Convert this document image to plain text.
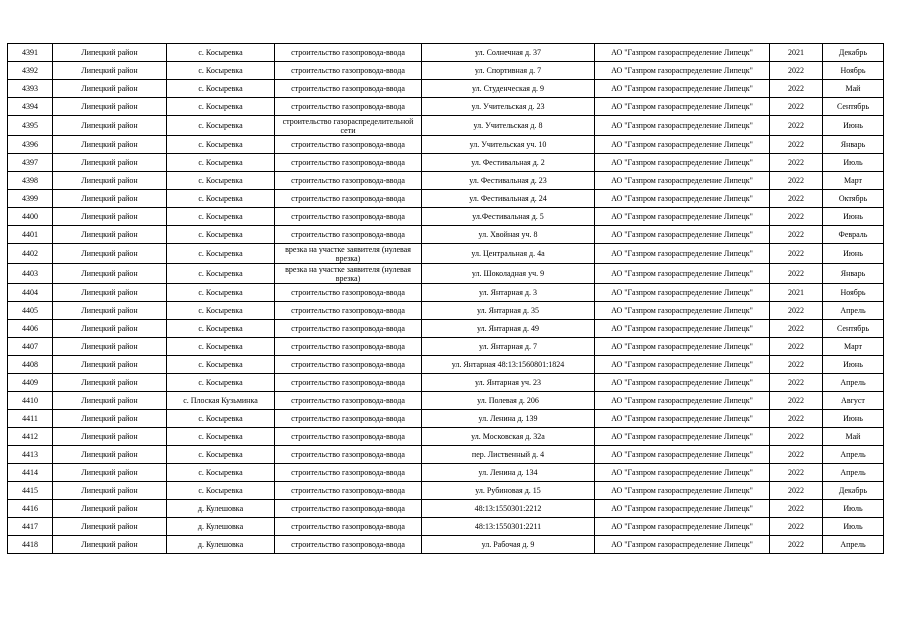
4391	Липецкий район	с. Косыревка	строительство газопровода-ввода	ул. Солнечная д. 37	АО "Газпром газораспределение Липецк"	2021	Декабрь
4392	Липецкий район	с. Косыревка	строительство газопровода-ввода	ул. Спортивная д. 7	АО "Газпром газораспределение Липецк"	2022	Ноябрь
4393	Липецкий район	с. Косыревка	строительство газопровода-ввода	ул. Студенческая д. 9	АО "Газпром газораспределение Липецк"	2022	Май
4394	Липецкий район	с. Косыревка	строительство газопровода-ввода	ул. Учительская д. 23	АО "Газпром газораспределение Липецк"	2022	Сентябрь
4395	Липецкий район	с. Косыревка	строительство газораспределительной сети	ул. Учительская д. 8	АО "Газпром газораспределение Липецк"	2022	Июнь
4396	Липецкий район	с. Косыревка	строительство газопровода-ввода	ул. Учительская уч. 10	АО "Газпром газораспределение Липецк"	2022	Январь
4397	Липецкий район	с. Косыревка	строительство газопровода-ввода	ул. Фестивальная д. 2	АО "Газпром газораспределение Липецк"	2022	Июль
4398	Липецкий район	с. Косыревка	строительство газопровода-ввода	ул. Фестивальная д. 23	АО "Газпром газораспределение Липецк"	2022	Март
4399	Липецкий район	с. Косыревка	строительство газопровода-ввода	ул. Фестивальная д. 24	АО "Газпром газораспределение Липецк"	2022	Октябрь
4400	Липецкий район	с. Косыревка	строительство газопровода-ввода	ул.Фестивальная д. 5	АО "Газпром газораспределение Липецк"	2022	Июнь
4401	Липецкий район	с. Косыревка	строительство газопровода-ввода	ул. Хвойная уч. 8	АО "Газпром газораспределение Липецк"	2022	Февраль
4402	Липецкий район	с. Косыревка	врезка на участке заявителя (нулевая врезка)	ул. Центральная д. 4а	АО "Газпром газораспределение Липецк"	2022	Июнь
4403	Липецкий район	с. Косыревка	врезка на участке заявителя (нулевая врезка)	ул. Шоколадная уч. 9	АО "Газпром газораспределение Липецк"	2022	Январь
4404	Липецкий район	с. Косыревка	строительство газопровода-ввода	ул. Янтарная д. 3	АО "Газпром газораспределение Липецк"	2021	Ноябрь
4405	Липецкий район	с. Косыревка	строительство газопровода-ввода	ул. Янтарная д. 35	АО "Газпром газораспределение Липецк"	2022	Апрель
4406	Липецкий район	с. Косыревка	строительство газопровода-ввода	ул. Янтарная д. 49	АО "Газпром газораспределение Липецк"	2022	Сентябрь
4407	Липецкий район	с. Косыревка	строительство газопровода-ввода	ул. Янтарная д. 7	АО "Газпром газораспределение Липецк"	2022	Март
4408	Липецкий район	с. Косыревка	строительство газопровода-ввода	ул. Янтарная 48:13:1560801:1824	АО "Газпром газораспределение Липецк"	2022	Июнь
4409	Липецкий район	с. Косыревка	строительство газопровода-ввода	ул. Янтарная уч. 23	АО "Газпром газораспределение Липецк"	2022	Апрель
4410	Липецкий район	с. Плоская Кузьминка	строительство газопровода-ввода	ул. Полевая д. 206	АО "Газпром газораспределение Липецк"	2022	Август
4411	Липецкий район	с. Косыревка	строительство газопровода-ввода	ул. Ленина д. 139	АО "Газпром газораспределение Липецк"	2022	Июнь
4412	Липецкий район	с. Косыревка	строительство газопровода-ввода	ул. Московская д. 32а	АО "Газпром газораспределение Липецк"	2022	Май
4413	Липецкий район	с. Косыревка	строительство газопровода-ввода	пер. Лиственный д. 4	АО "Газпром газораспределение Липецк"	2022	Апрель
4414	Липецкий район	с. Косыревка	строительство газопровода-ввода	ул. Ленина д. 134	АО "Газпром газораспределение Липецк"	2022	Апрель
4415	Липецкий район	с. Косыревка	строительство газопровода-ввода	ул. Рубиновая д. 15	АО "Газпром газораспределение Липецк"	2022	Декабрь
4416	Липецкий район	д. Кулешовка	строительство газопровода-ввода	48:13:1550301:2212	АО "Газпром газораспределение Липецк"	2022	Июль
4417	Липецкий район	д. Кулешовка	строительство газопровода-ввода	48:13:1550301:2211	АО "Газпром газораспределение Липецк"	2022	Июль
4418	Липецкий район	д. Кулешовка	строительство газопровода-ввода	ул. Рабочая д. 9	АО "Газпром газораспределение Липецк"	2022	Апрель
